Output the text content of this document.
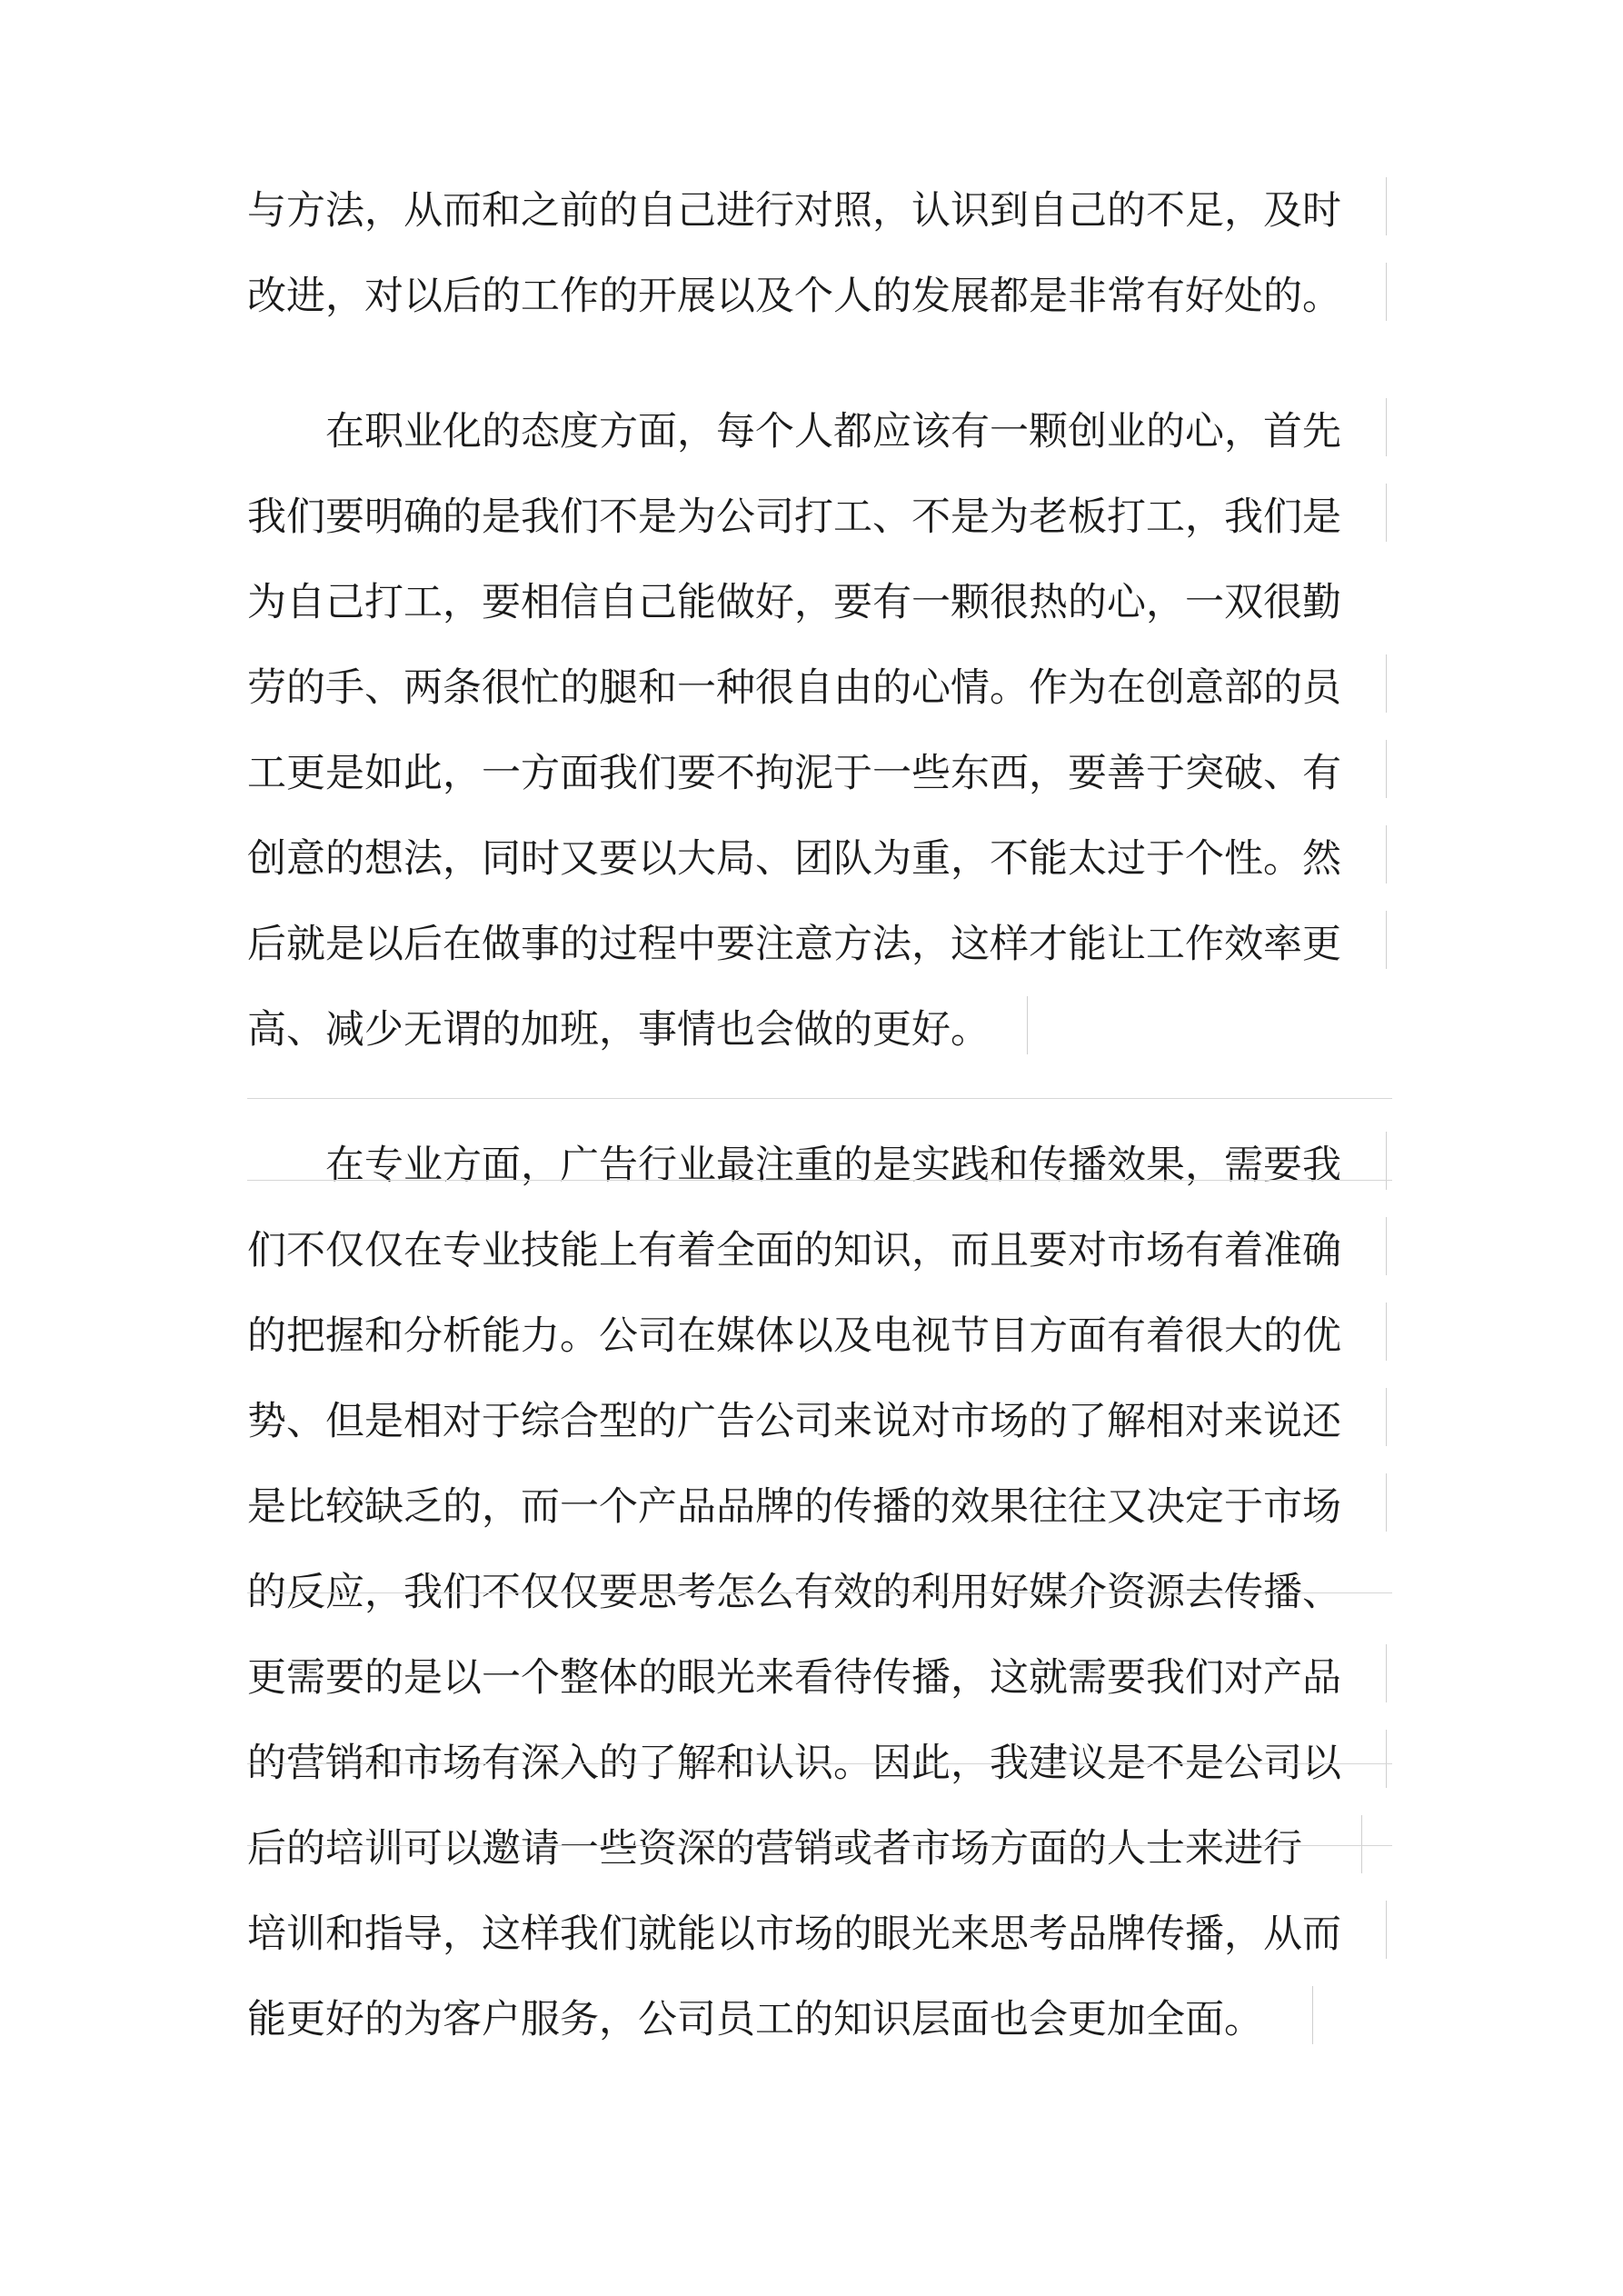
与方法，从而和之前的自己进行对照，认识到自己的不足，及时
改进，对以后的工作的开展以及个人的发展都是非常有好处的。

在职业化的态度方面，每个人都应该有一颗创业的心，首先
我们要明确的是我们不是为公司打工、不是为老板打工，我们是
为自己打工，要相信自己能做好，要有一颗很热的心，一双很勤
劳的手、两条很忙的腿和一种很自由的心情。作为在创意部的员
工更是如此，一方面我们要不拘泥于一些东西，要善于突破、有
创意的想法，同时又要以大局、团队为重，不能太过于个性。然
后就是以后在做事的过程中要注意方法，这样才能让工作效率更
高、减少无谓的加班，事情也会做的更好。

在专业方面，广告行业最注重的是实践和传播效果，需要我
们不仅仅在专业技能上有着全面的知识，而且要对市场有着准确
的把握和分析能力。公司在媒体以及电视节目方面有着很大的优
势、但是相对于综合型的广告公司来说对市场的了解相对来说还
是比较缺乏的，而一个产品品牌的传播的效果往往又决定于市场
的反应，我们不仅仅要思考怎么有效的利用好媒介资源去传播、
更需要的是以一个整体的眼光来看待传播，这就需要我们对产品
的营销和市场有深入的了解和认识。因此，我建议是不是公司以
后的培训可以邀请一些资深的营销或者市场方面的人士来进行
培训和指导，这样我们就能以市场的眼光来思考品牌传播，从而
能更好的为客户服务，公司员工的知识层面也会更加全面。
